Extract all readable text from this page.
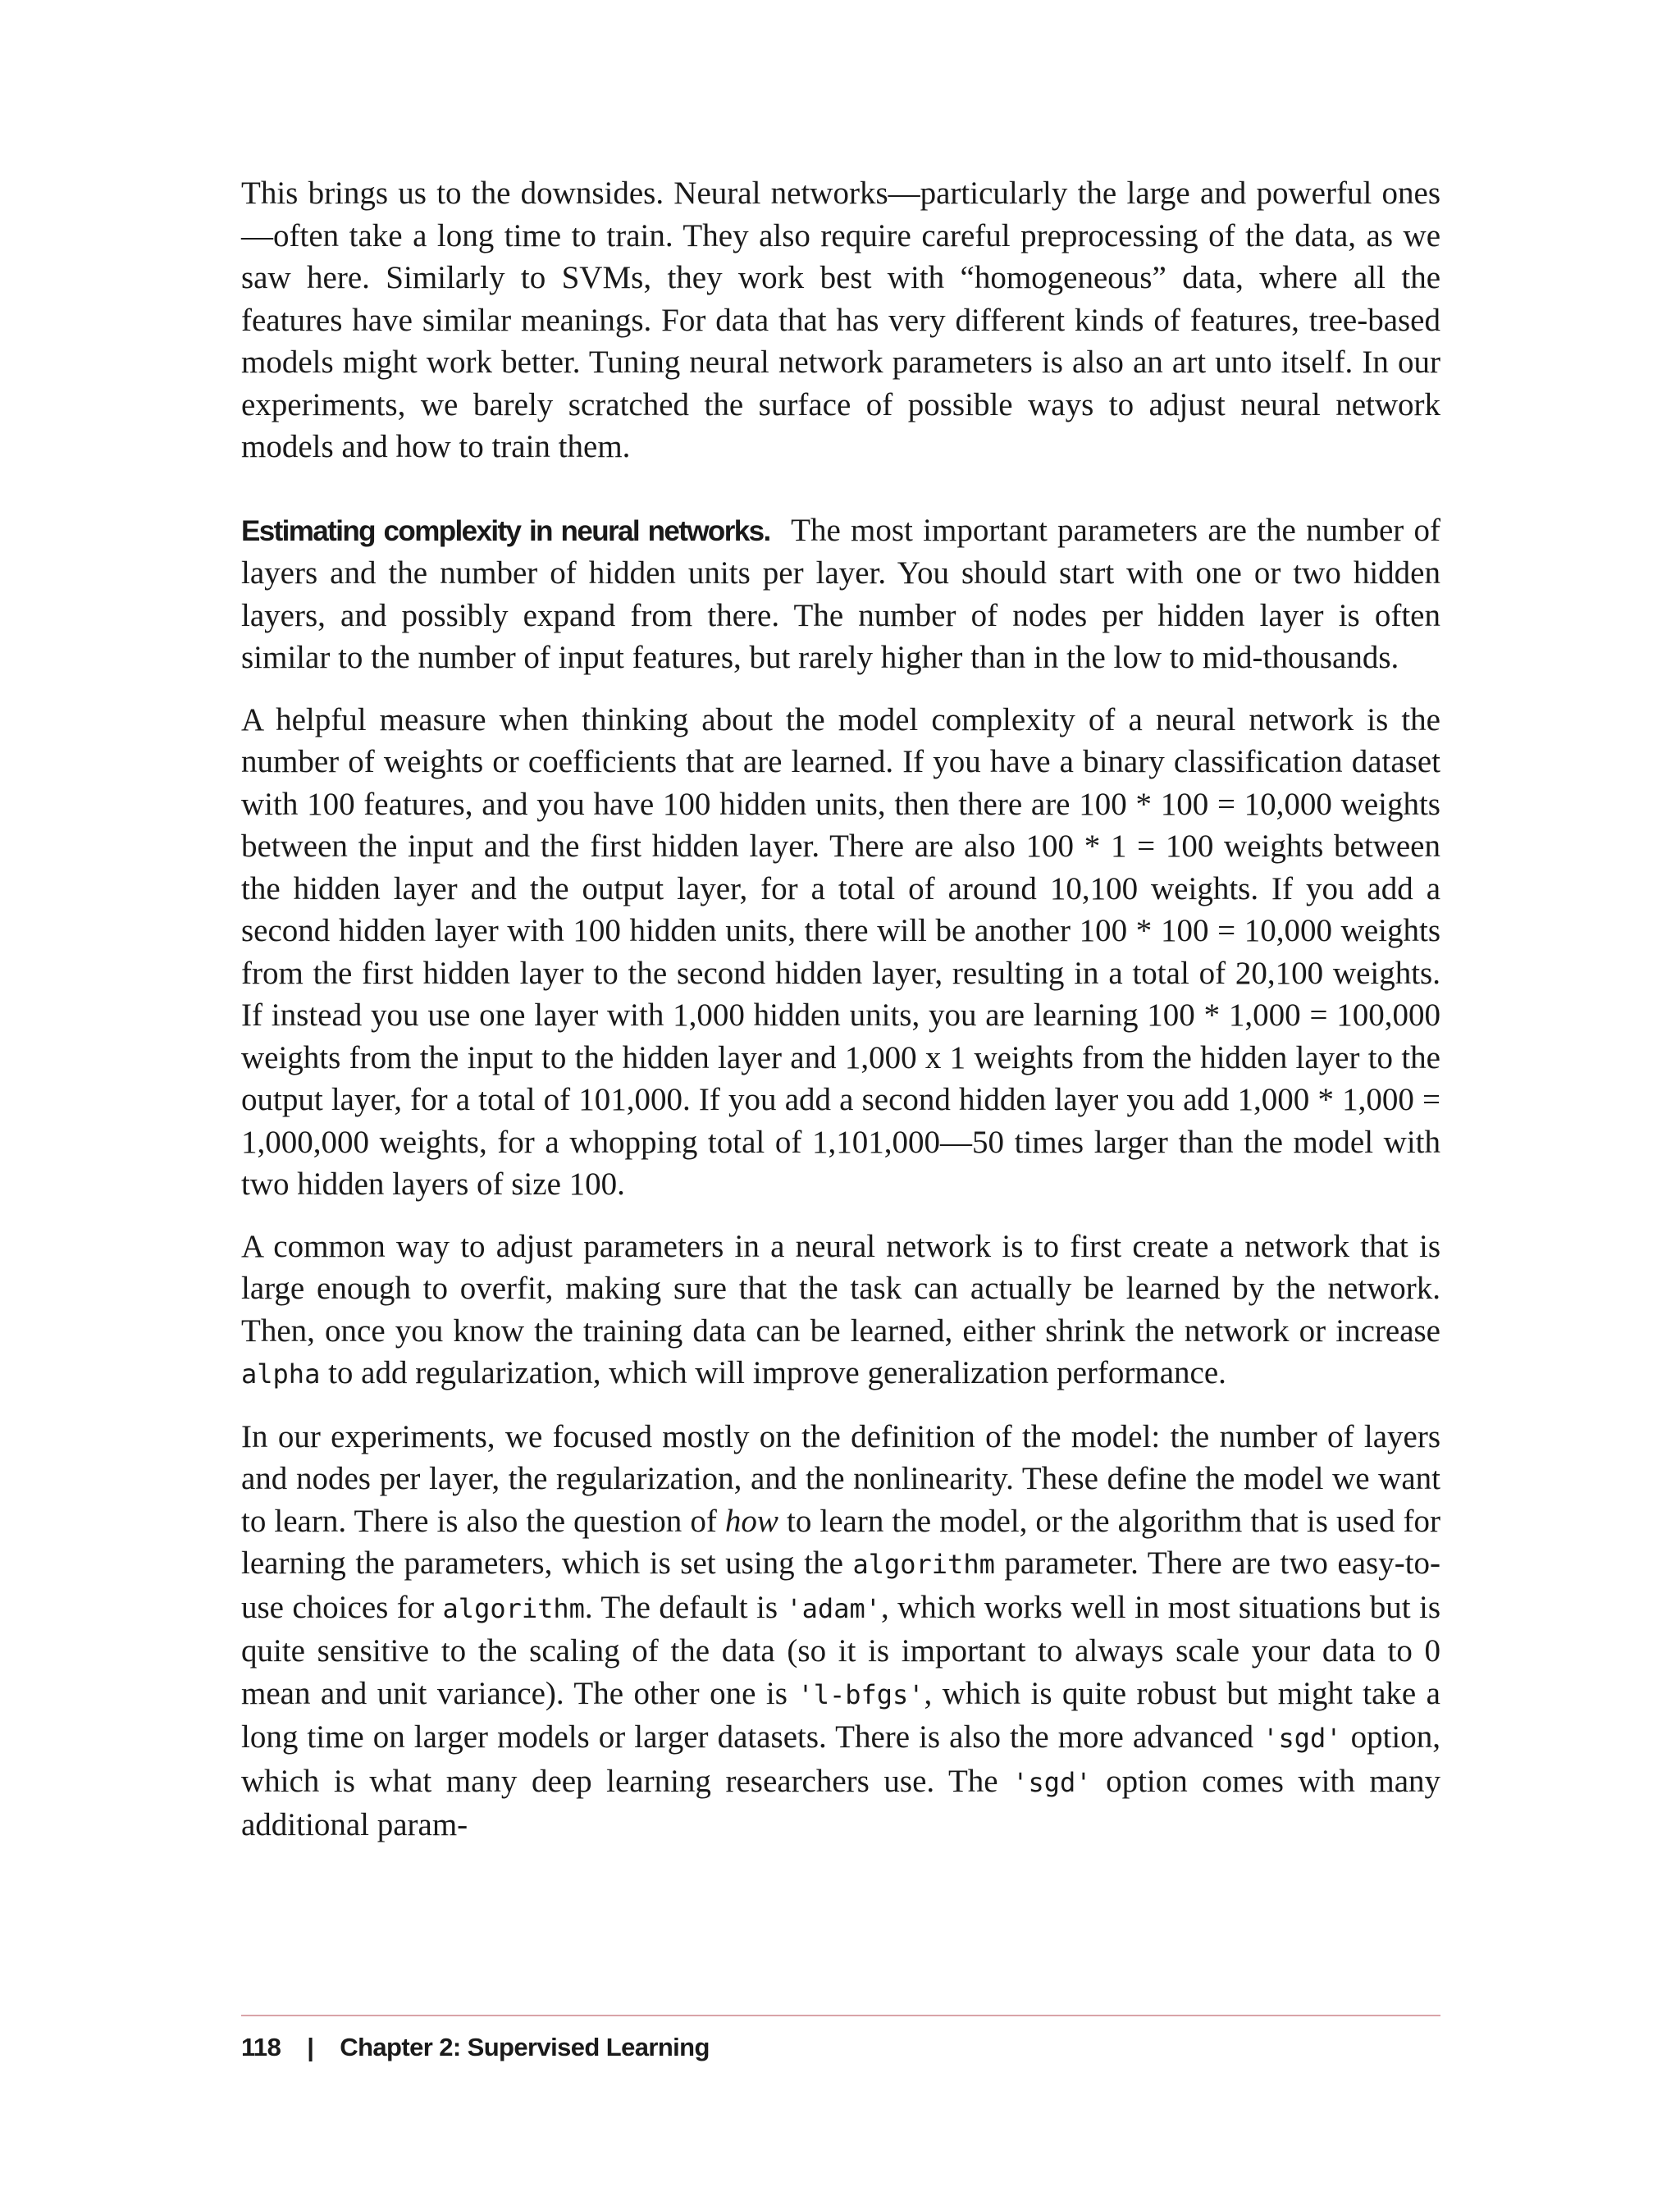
This brings us to the downsides. Neural networks—particularly the large and powerful ones—often take a long time to train. They also require careful preprocessing of the data, as we saw here. Similarly to SVMs, they work best with “homogeneous” data, where all the features have similar meanings. For data that has very different kinds of features, tree-based models might work better. Tuning neural network parameters is also an art unto itself. In our experiments, we barely scratched the surface of possible ways to adjust neural network models and how to train them.

Estimating complexity in neural networks. The most important parameters are the number of layers and the number of hidden units per layer. You should start with one or two hidden layers, and possibly expand from there. The number of nodes per hidden layer is often similar to the number of input features, but rarely higher than in the low to mid-thousands.

A helpful measure when thinking about the model complexity of a neural network is the number of weights or coefficients that are learned. If you have a binary classification dataset with 100 features, and you have 100 hidden units, then there are 100 * 100 = 10,000 weights between the input and the first hidden layer. There are also 100 * 1 = 100 weights between the hidden layer and the output layer, for a total of around 10,100 weights. If you add a second hidden layer with 100 hidden units, there will be another 100 * 100 = 10,000 weights from the first hidden layer to the second hidden layer, resulting in a total of 20,100 weights. If instead you use one layer with 1,000 hidden units, you are learning 100 * 1,000 = 100,000 weights from the input to the hidden layer and 1,000 x 1 weights from the hidden layer to the output layer, for a total of 101,000. If you add a second hidden layer you add 1,000 * 1,000 = 1,000,000 weights, for a whopping total of 1,101,000—50 times larger than the model with two hidden layers of size 100.

A common way to adjust parameters in a neural network is to first create a network that is large enough to overfit, making sure that the task can actually be learned by the network. Then, once you know the training data can be learned, either shrink the network or increase alpha to add regularization, which will improve generalization performance.

In our experiments, we focused mostly on the definition of the model: the number of layers and nodes per layer, the regularization, and the nonlinearity. These define the model we want to learn. There is also the question of how to learn the model, or the algorithm that is used for learning the parameters, which is set using the algorithm parameter. There are two easy-to-use choices for algorithm. The default is 'adam', which works well in most situations but is quite sensitive to the scaling of the data (so it is important to always scale your data to 0 mean and unit variance). The other one is 'l-bfgs', which is quite robust but might take a long time on larger models or larger datasets. There is also the more advanced 'sgd' option, which is what many deep learning researchers use. The 'sgd' option comes with many additional param-

118 | Chapter 2: Supervised Learning
